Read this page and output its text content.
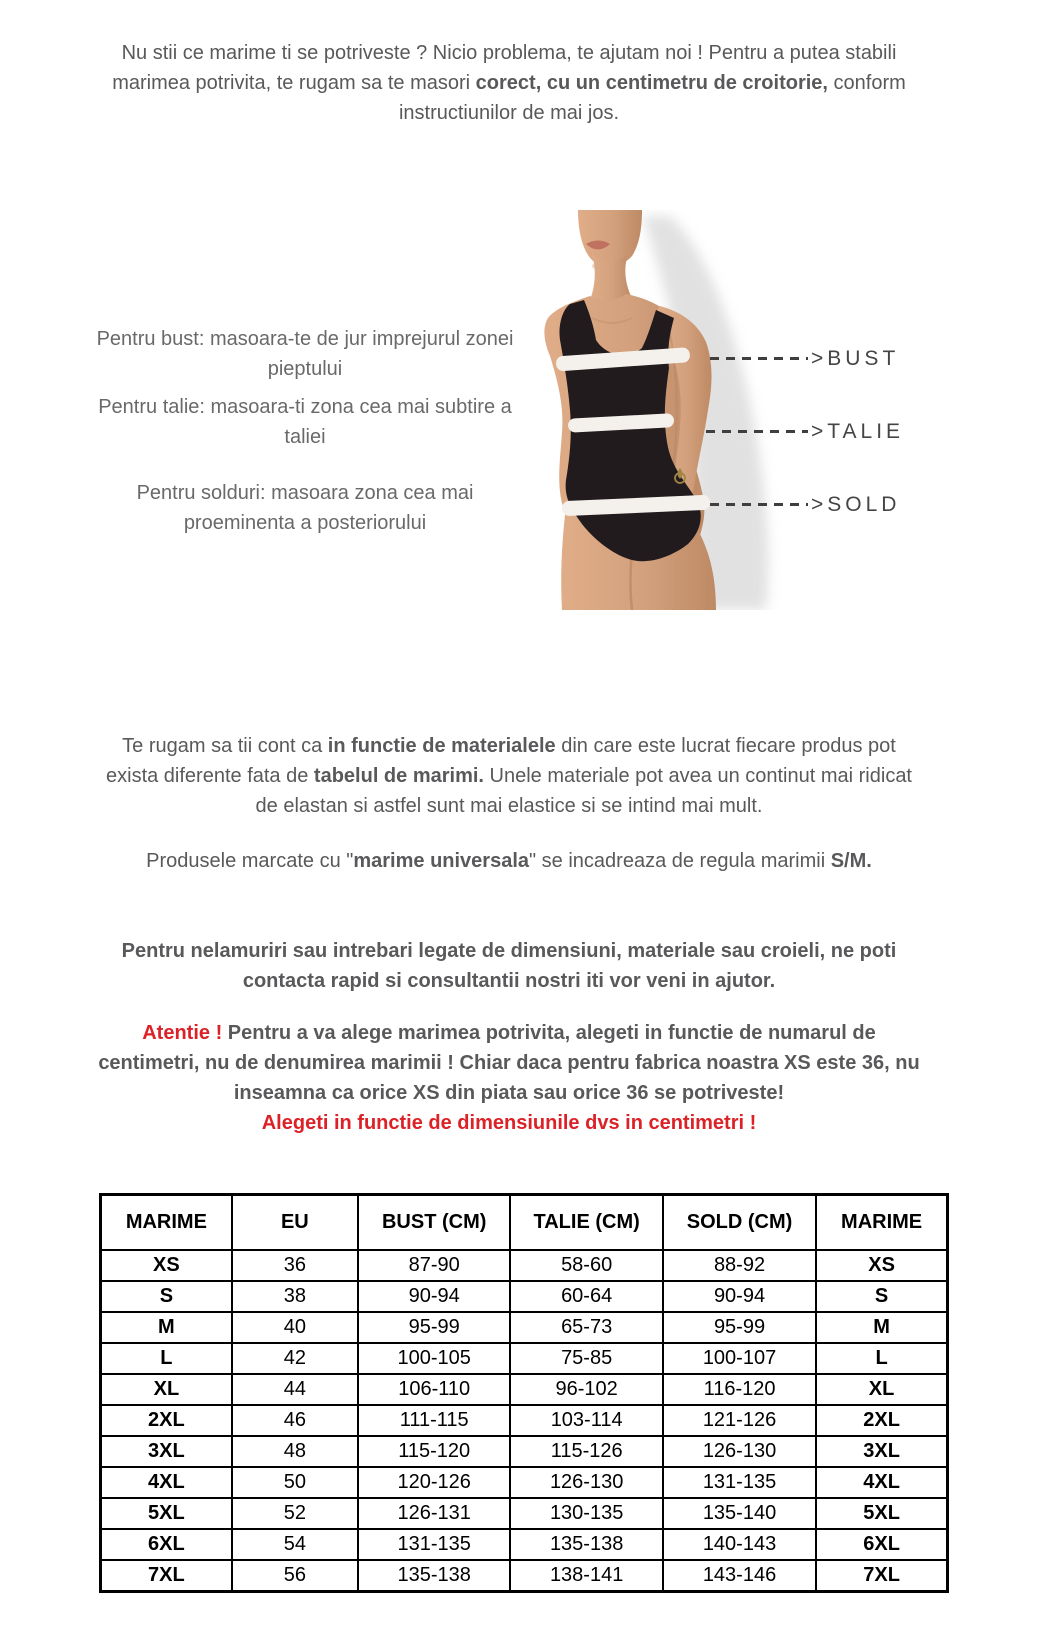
Nu stii ce marime ti se potriveste ? Nicio problema, te ajutam noi ! Pentru a putea stabili marimea potrivita, te rugam sa te masori corect, cu un centimetru de croitorie, conform instructiunilor de mai jos.

Pentru bust: masoara-te de jur imprejurul zonei pieptului

Pentru talie: masoara-ti zona cea mai subtire a taliei

Pentru solduri: masoara zona cea mai proeminenta a posteriorului

>BUST
>TALIE
>SOLD

Te rugam sa tii cont ca in functie de materialele din care este lucrat fiecare produs pot exista diferente fata de tabelul de marimi. Unele materiale pot avea un continut mai ridicat de elastan si astfel sunt mai elastice si se intind mai mult.

Produsele marcate cu "marime universala" se incadreaza de regula marimii S/M.

Pentru nelamuriri sau intrebari legate de dimensiuni, materiale sau croieli, ne poti contacta rapid si consultantii nostri iti vor veni in ajutor.

Atentie ! Pentru a va alege marimea potrivita, alegeti in functie de numarul de centimetri, nu de denumirea marimii ! Chiar daca pentru fabrica noastra XS este 36, nu inseamna ca orice XS din piata sau orice 36 se potriveste!

Alegeti in functie de dimensiunile dvs in centimetri !

MARIME	EU	BUST (CM)	TALIE (CM)	SOLD (CM)	MARIME
XS	36	87-90	58-60	88-92	XS
S	38	90-94	60-64	90-94	S
M	40	95-99	65-73	95-99	M
L	42	100-105	75-85	100-107	L
XL	44	106-110	96-102	116-120	XL
2XL	46	111-115	103-114	121-126	2XL
3XL	48	115-120	115-126	126-130	3XL
4XL	50	120-126	126-130	131-135	4XL
5XL	52	126-131	130-135	135-140	5XL
6XL	54	131-135	135-138	140-143	6XL
7XL	56	135-138	138-141	143-146	7XL
